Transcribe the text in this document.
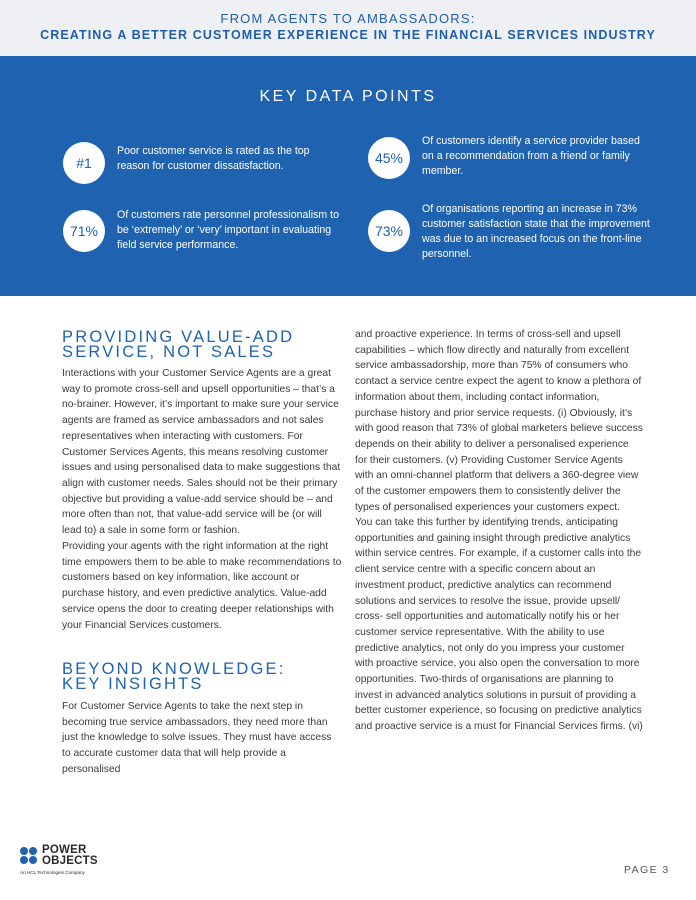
FROM AGENTS TO AMBASSADORS:
CREATING A BETTER CUSTOMER EXPERIENCE IN THE FINANCIAL SERVICES INDUSTRY
KEY DATA POINTS
#1
Poor customer service is rated as the top reason for customer dissatisfaction.	45%
Of customers identify a service provider based on a recommendation from a friend or family member.
71%
Of customers rate personnel professionalism to be ‘extremely’ or ‘very’ important in evaluating field service performance.
73%
Of organisations reporting an increase in 73% customer satisfaction state that the improvement was due to an increased focus on the front-line personnel.
PROVIDING VALUE-ADD
SERVICE, NOT SALES
Interactions with your Customer Service Agents are a great way to promote cross-sell and upsell opportunities – that’s a no-brainer. However, it’s important to make sure your service agents are framed as service ambassadors and not sales representatives when interacting with customers. For Customer Services Agents, this means resolving customer issues and using personalised data to make suggestions that align with customer needs. Sales should not be their primary objective but providing a value-add service should be – and more often than not, that value-add service will be (or will lead to) a sale in some form or fashion.
Providing your agents with the right information at the right time empowers them to be able to make recommendations to customers based on key information, like account or purchase history, and even predictive analytics. Value-add service opens the door to creating deeper relationships with your Financial Services customers.
BEYOND KNOWLEDGE:
KEY INSIGHTS
For Customer Service Agents to take the next step in becoming true service ambassadors, they need more than just the knowledge to solve issues. They must have access to accurate customer data that will help provide a personalised
and proactive experience. In terms of cross-sell and upsell capabilities – which flow directly and naturally from excellent service ambassadorship, more than 75% of consumers who contact a service centre expect the agent to know a plethora of information about them, including contact information, purchase history and prior service requests. (i) Obviously, it’s with good reason that 73% of global marketers believe success depends on their ability to deliver a personalised experience for their customers. (v) Providing Customer Service Agents with an omni-channel platform that delivers a 360-degree view of the customer empowers them to consistently deliver the types of personalised experiences your customers expect.
You can take this further by identifying trends, anticipating opportunities and gaining insight through predictive analytics within service centres. For example, if a customer calls into the client service centre with a specific concern about an investment product, predictive analytics can recommend solutions and services to resolve the issue, provide upsell/ cross- sell opportunities and automatically notify his or her customer service representative. With the ability to use predictive analytics, not only do you impress your customer with proactive service, you also open the conversation to more opportunities. Two-thirds of organisations are planning to invest in advanced analytics solutions in pursuit of providing a better customer experience, so focusing on predictive analytics and proactive service is a must for Financial Services firms. (vi)
POWER
OBJECTS
An HCL Technologies Company	PAGE 3
